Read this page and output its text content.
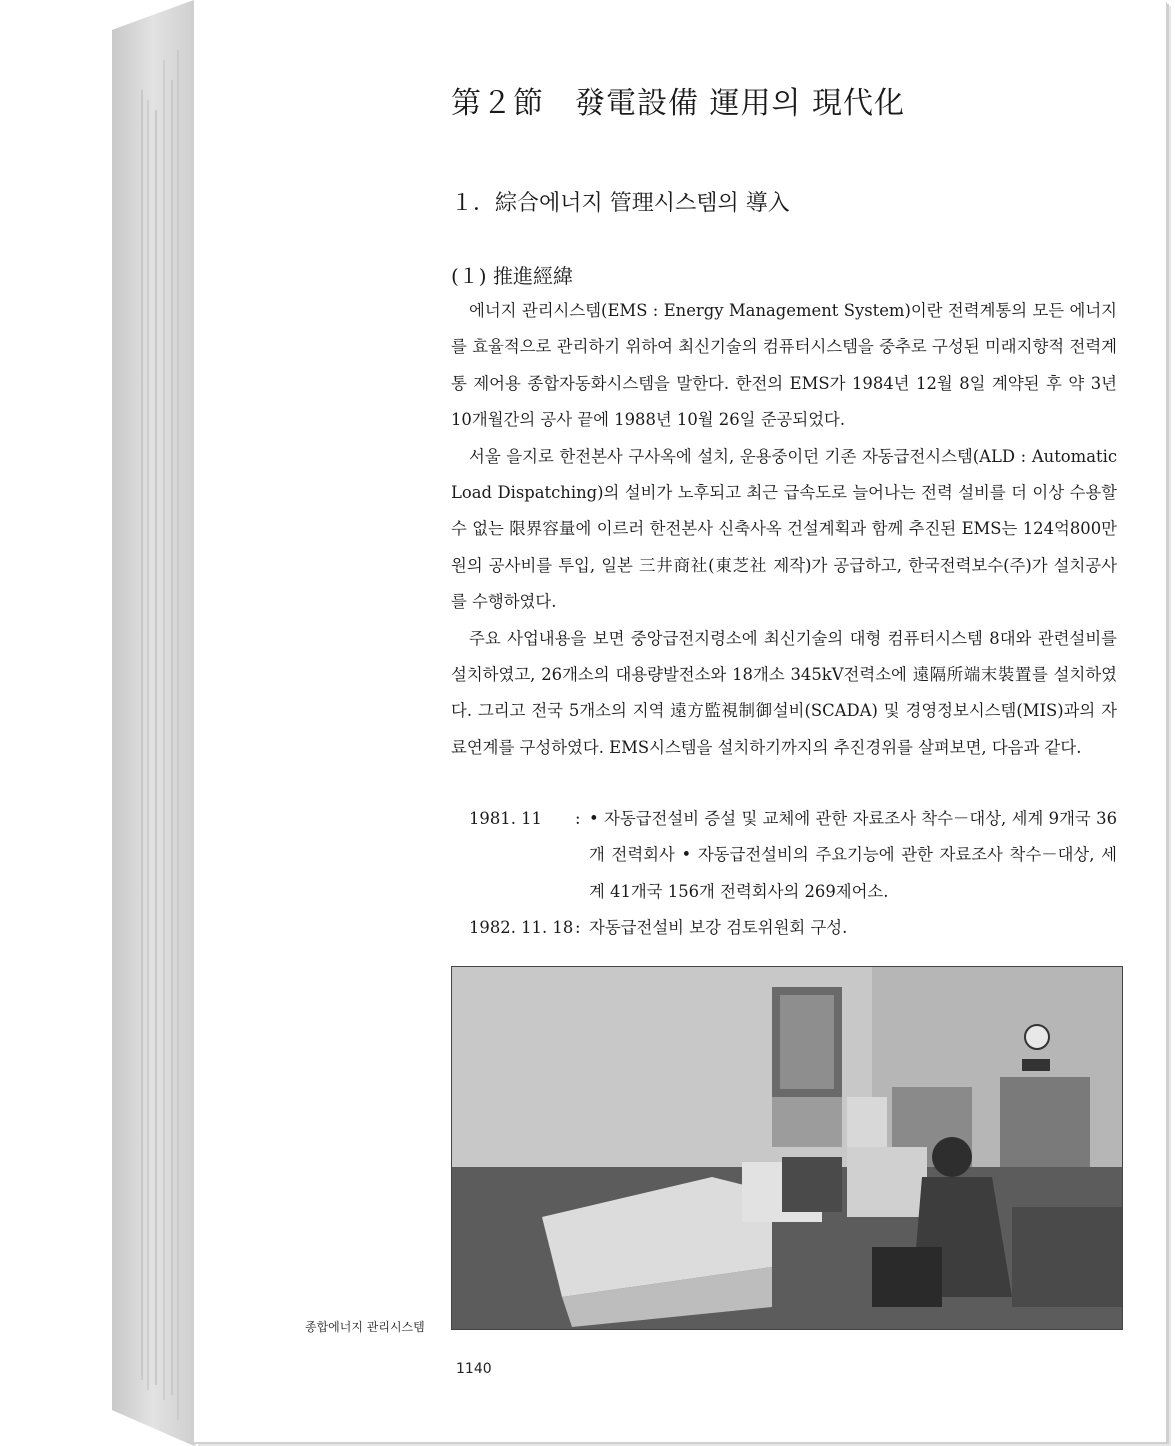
第２節　發電設備 運用의 現代化
１．綜合에너지 管理시스템의 導入
(１) 推進經緯

에너지 관리시스템(EMS : Energy Management System)이란 전력계통의 모든 에너지를 효율적으로 관리하기 위하여 최신기술의 컴퓨터시스템을 중추로 구성된 미래지향적 전력계통 제어용 종합자동화시스템을 말한다. 한전의 EMS가 1984년 12월 8일 계약된 후 약 3년 10개월간의 공사 끝에 1988년 10월 26일 준공되었다.

서울 을지로 한전본사 구사옥에 설치, 운용중이던 기존 자동급전시스템(ALD : Automatic Load Dispatching)의 설비가 노후되고 최근 급속도로 늘어나는 전력 설비를 더 이상 수용할 수 없는 限界容量에 이르러 한전본사 신축사옥 건설계획과 함께 추진된 EMS는 124억800만원의 공사비를 투입, 일본 三井商社(東芝社 제작)가 공급하고, 한국전력보수(주)가 설치공사를 수행하였다.

주요 사업내용을 보면 중앙급전지령소에 최신기술의 대형 컴퓨터시스템 8대와 관련설비를 설치하였고, 26개소의 대용량발전소와 18개소 345kV전력소에 遠隔所端末裝置를 설치하였다. 그리고 전국 5개소의 지역 遠方監視制御설비(SCADA) 및 경영정보시스템(MIS)과의 자료연계를 구성하였다. EMS시스템을 설치하기까지의 추진경위를 살펴보면, 다음과 같다.

1981. 11	: • 자동급전설비 증설 및 교체에 관한 자료조사 착수－대상, 세계 9개국 36개 전력회사 • 자동급전설비의 주요기능에 관한 자료조사 착수－대상, 세계 41개국 156개 전력회사의 269제어소.
1982. 11. 18 : 자동급전설비 보강 검토위원회 구성.
종합에너지 관리시스템
1140
